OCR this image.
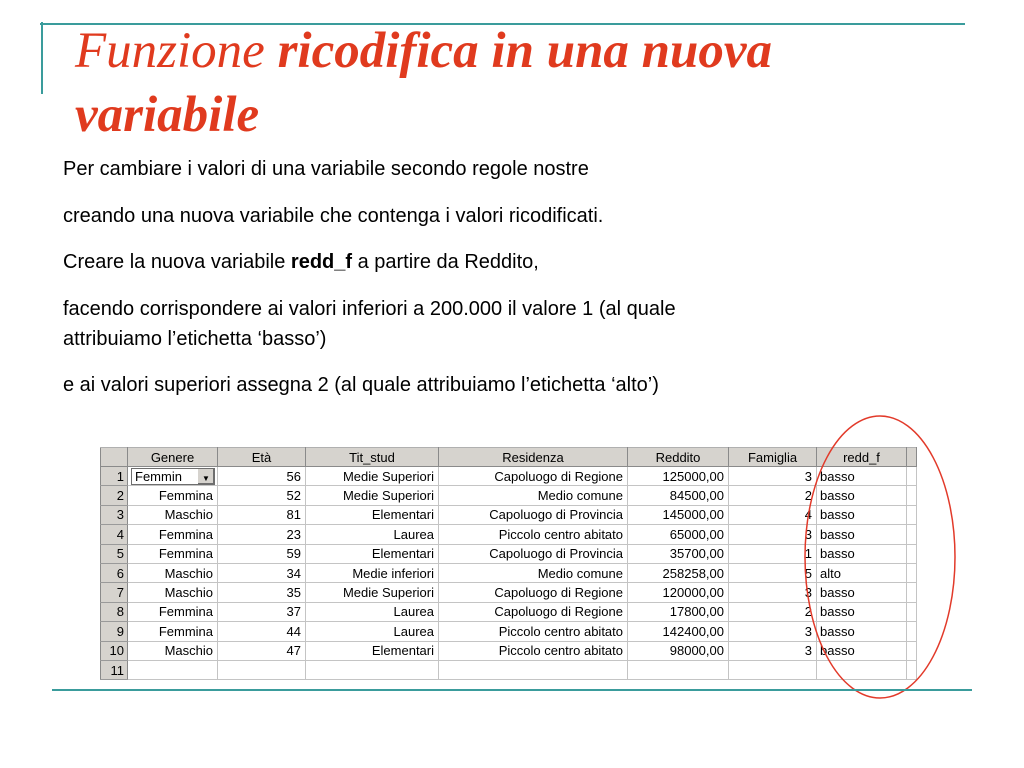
Funzione ricodifica in una nuova
variabile

Per cambiare i valori di una variabile secondo regole nostre

creando una nuova variabile che contenga i valori ricodificati.

Creare la nuova variabile redd_f a partire da Reddito,

facendo corrispondere ai valori inferiori a 200.000 il valore 1 (al quale
attribuiamo l’etichetta ‘basso’)

e ai valori superiori assegna 2 (al quale attribuiamo l’etichetta ‘alto’)

	Genere	Età	Tit_stud	Residenza	Reddito	Famiglia	redd_f	
1	Femmin ▼	56	Medie Superiori	Capoluogo di Regione	125000,00	3	basso	
2	Femmina	52	Medie Superiori	Medio comune	84500,00	2	basso	
3	Maschio	81	Elementari	Capoluogo di Provincia	145000,00	4	basso	
4	Femmina	23	Laurea	Piccolo centro abitato	65000,00	3	basso	
5	Femmina	59	Elementari	Capoluogo di Provincia	35700,00	1	basso	
6	Maschio	34	Medie inferiori	Medio comune	258258,00	5	alto	
7	Maschio	35	Medie Superiori	Capoluogo di Regione	120000,00	3	basso	
8	Femmina	37	Laurea	Capoluogo di Regione	17800,00	2	basso	
9	Femmina	44	Laurea	Piccolo centro abitato	142400,00	3	basso	
10	Maschio	47	Elementari	Piccolo centro abitato	98000,00	3	basso	
11								
